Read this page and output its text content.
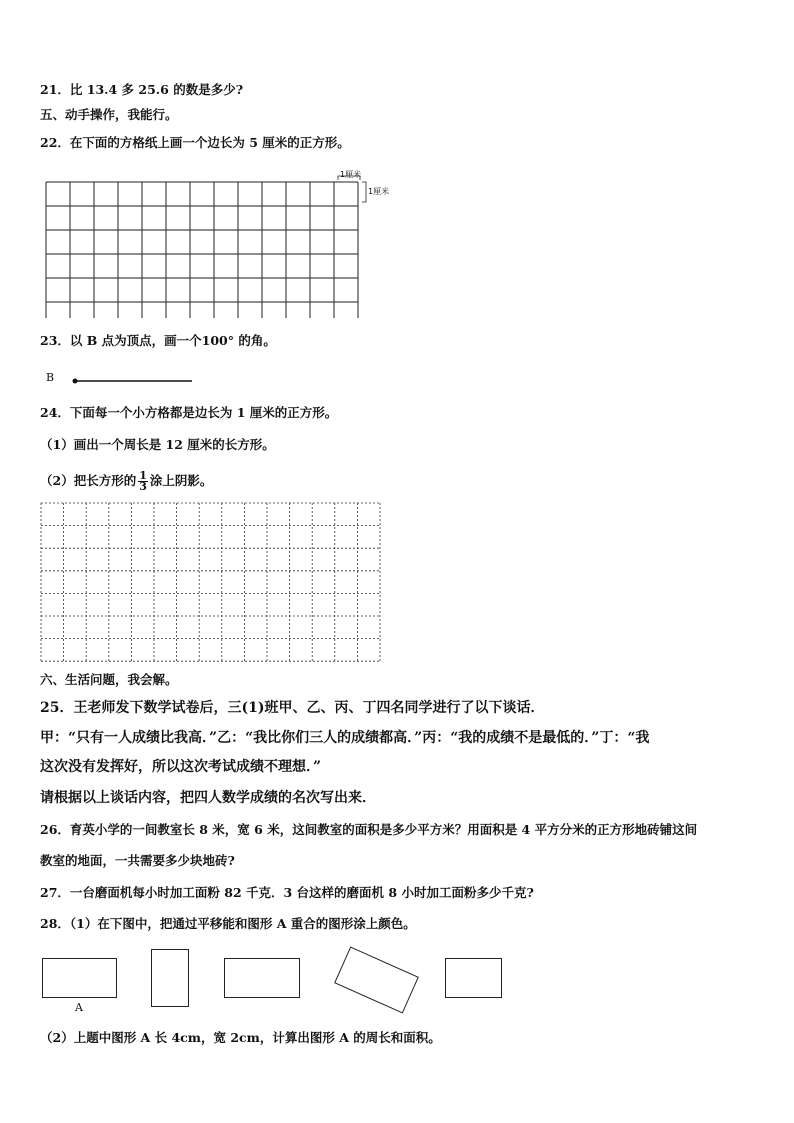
21．比 13.4 多 25.6 的数是多少?
五、动手操作，我能行。
22．在下面的方格纸上画一个边长为 5 厘米的正方形。
1厘米
1厘米
23．以 B 点为顶点，画一个100° 的角。
B
24．下面每一个小方格都是边长为 1 厘米的正方形。
（1）画出一个周长是 12 厘米的长方形。
（2）把长方形的 $\frac{1}{3}$ 涂上阴影。
六、生活问题，我会解。
25．王老师发下数学试卷后，三(1)班甲、乙、丙、丁四名同学进行了以下谈话．
甲：“只有一人成绩比我高．”乙：“我比你们三人的成绩都高．”丙：“我的成绩不是最低的．”丁：“我
这次没有发挥好，所以这次考试成绩不理想．”
请根据以上谈话内容，把四人数学成绩的名次写出来．
26．育英小学的一间教室长 8 米，宽 6 米，这间教室的面积是多少平方米？用面积是 4 平方分米的正方形地砖铺这间
教室的地面，一共需要多少块地砖?
27．一台磨面机每小时加工面粉 82 千克．3 台这样的磨面机 8 小时加工面粉多少千克?
28．（1）在下图中，把通过平移能和图形 A 重合的图形涂上颜色。
A
（2）上题中图形 A 长 4cm，宽 2cm，计算出图形 A 的周长和面积。
